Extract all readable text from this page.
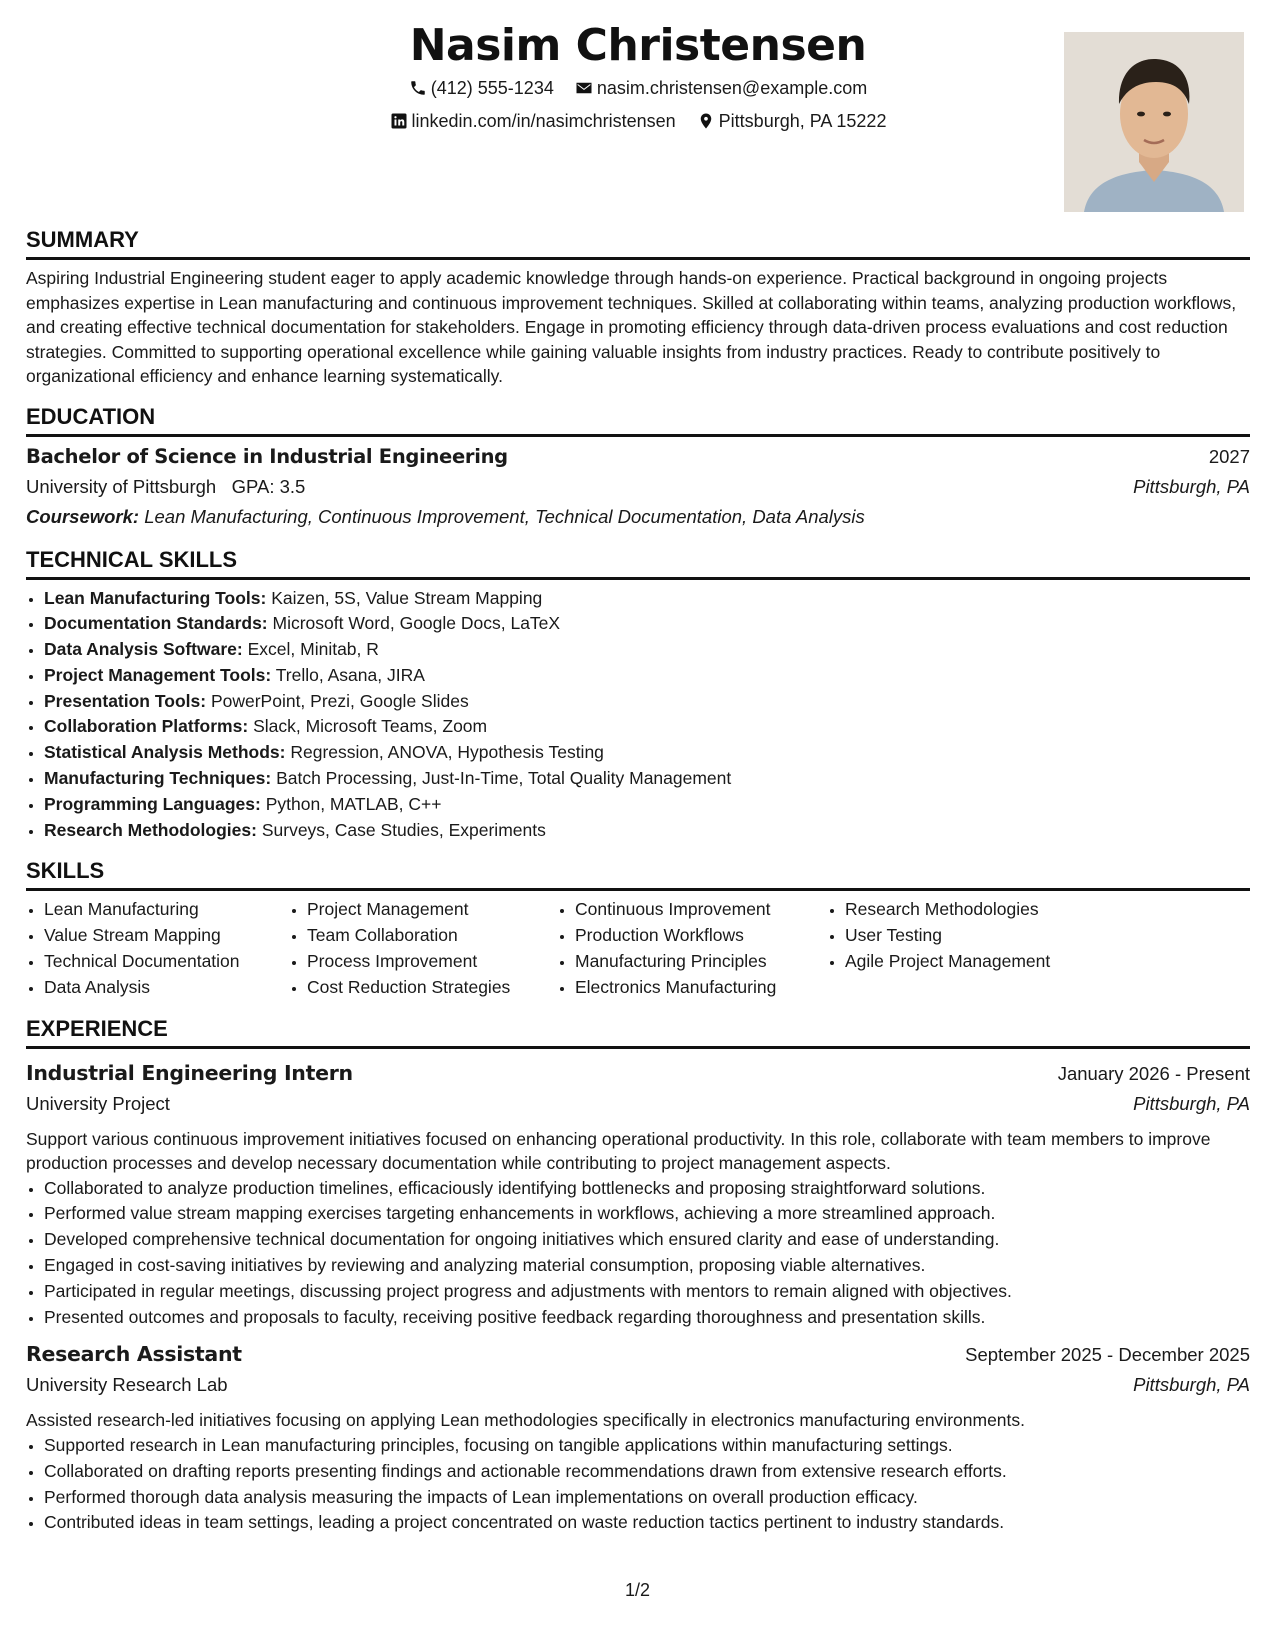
Nasim Christensen
(412) 555-1234
nasim.christensen@example.com
linkedin.com/in/nasimchristensen
Pittsburgh, PA 15222
SUMMARY

Aspiring Industrial Engineering student eager to apply academic knowledge through hands-on experience. Practical background in ongoing projects emphasizes expertise in Lean manufacturing and continuous improvement techniques. Skilled at collaborating within teams, analyzing production workflows, and creating effective technical documentation for stakeholders. Engage in promoting efficiency through data-driven process evaluations and cost reduction strategies. Committed to supporting operational excellence while gaining valuable insights from industry practices. Ready to contribute positively to organizational efficiency and enhance learning systematically.

EDUCATION
Bachelor of Science in Industrial Engineering	2027
University of Pittsburgh GPA: 3.5	Pittsburgh, PA
Coursework: Lean Manufacturing, Continuous Improvement, Technical Documentation, Data Analysis
TECHNICAL SKILLS
• Lean Manufacturing Tools: Kaizen, 5S, Value Stream Mapping
• Documentation Standards: Microsoft Word, Google Docs, LaTeX
• Data Analysis Software: Excel, Minitab, R
• Project Management Tools: Trello, Asana, JIRA
• Presentation Tools: PowerPoint, Prezi, Google Slides
• Collaboration Platforms: Slack, Microsoft Teams, Zoom
• Statistical Analysis Methods: Regression, ANOVA, Hypothesis Testing
• Manufacturing Techniques: Batch Processing, Just-In-Time, Total Quality Management
• Programming Languages: Python, MATLAB, C++
• Research Methodologies: Surveys, Case Studies, Experiments
SKILLS
• Lean Manufacturing
• Value Stream Mapping
• Technical Documentation
• Data Analysis
• Project Management
• Team Collaboration
• Process Improvement
• Cost Reduction Strategies
• Continuous Improvement
• Production Workflows
• Manufacturing Principles
• Electronics Manufacturing
• Research Methodologies
• User Testing
• Agile Project Management
EXPERIENCE
Industrial Engineering Intern	January 2026 - Present
University Project	Pittsburgh, PA

Support various continuous improvement initiatives focused on enhancing operational productivity. In this role, collaborate with team members to improve production processes and develop necessary documentation while contributing to project management aspects.

• Collaborated to analyze production timelines, efficaciously identifying bottlenecks and proposing straightforward solutions.
• Performed value stream mapping exercises targeting enhancements in workflows, achieving a more streamlined approach.
• Developed comprehensive technical documentation for ongoing initiatives which ensured clarity and ease of understanding.
• Engaged in cost-saving initiatives by reviewing and analyzing material consumption, proposing viable alternatives.
• Participated in regular meetings, discussing project progress and adjustments with mentors to remain aligned with objectives.
• Presented outcomes and proposals to faculty, receiving positive feedback regarding thoroughness and presentation skills.
Research Assistant	September 2025 - December 2025
University Research Lab	Pittsburgh, PA

Assisted research-led initiatives focusing on applying Lean methodologies specifically in electronics manufacturing environments.

• Supported research in Lean manufacturing principles, focusing on tangible applications within manufacturing settings.
• Collaborated on drafting reports presenting findings and actionable recommendations drawn from extensive research efforts.
• Performed thorough data analysis measuring the impacts of Lean implementations on overall production efficacy.
• Contributed ideas in team settings, leading a project concentrated on waste reduction tactics pertinent to industry standards.
1/2
